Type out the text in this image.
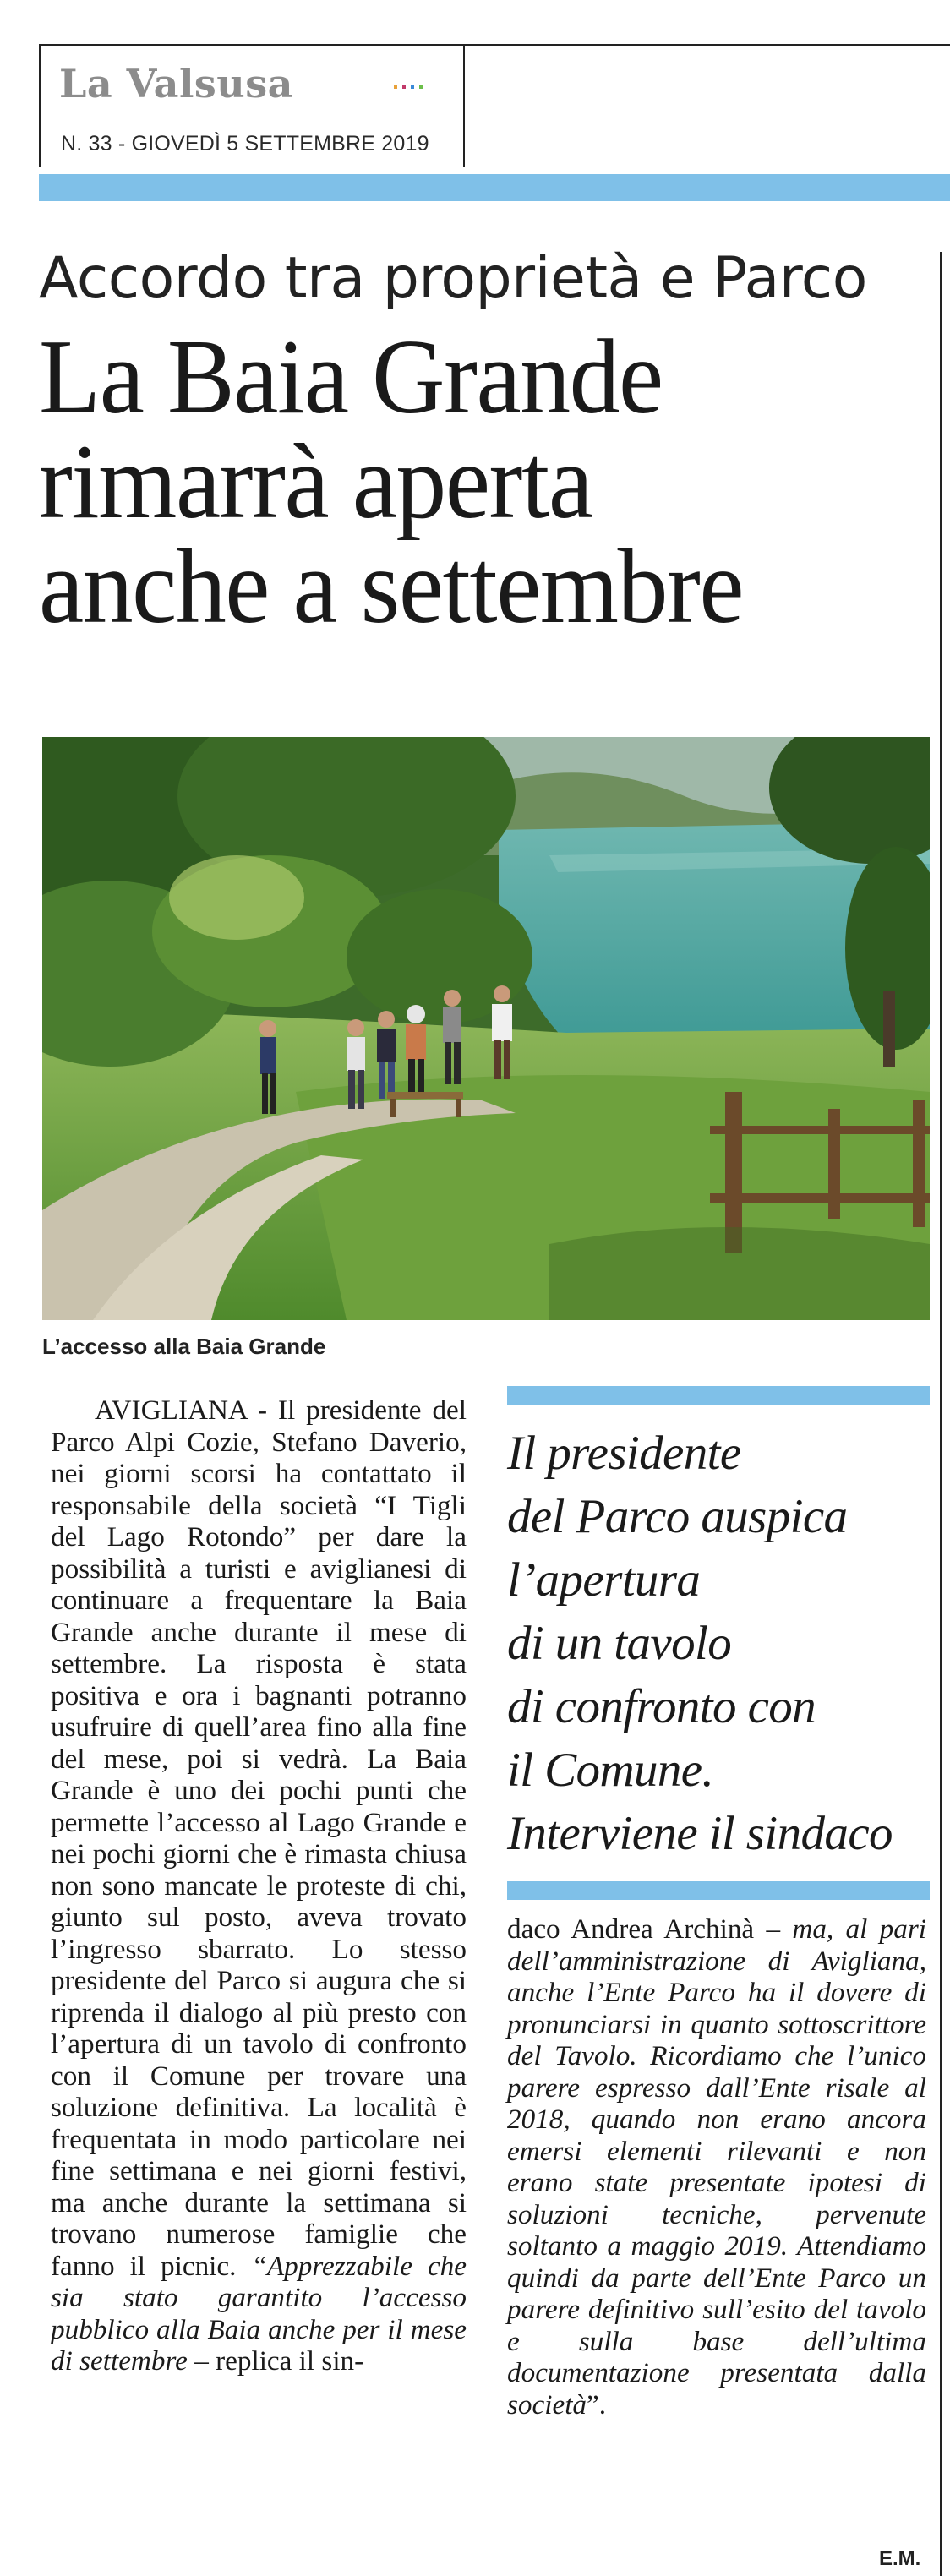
La Valsusa
N. 33 - GIOVEDÌ 5 SETTEMBRE 2019
Accordo tra proprietà e Parco
La Baia Grande
rimarrà aperta
anche a settembre
L’accesso alla Baia Grande

AVIGLIANA - Il presidente del Parco Alpi Cozie, Stefano Daverio, nei giorni scorsi ha contattato il responsabile della società “I Tigli del Lago Rotondo” per dare la possibilità a turisti e aviglianesi di continuare a frequentare la Baia Grande anche durante il mese di settembre. La risposta è stata positiva e ora i bagnanti potranno usufruire di quell’area fino alla fine del mese, poi si vedrà. La Baia Grande è uno dei pochi punti che permette l’accesso al Lago Grande e nei pochi giorni che è rimasta chiusa non sono mancate le proteste di chi, giunto sul posto, aveva trovato l’ingresso sbarrato. Lo stesso presidente del Parco si augura che si riprenda il dialogo al più presto con l’apertura di un tavolo di confronto con il Comune per trovare una soluzione definitiva. La località è frequentata in modo particolare nei fine settimana e nei giorni festivi, ma anche durante la settimana si trovano numerose famiglie che fanno il picnic. “Apprezzabile che sia stato garantito l’accesso pubblico alla Baia anche per il mese di settembre – replica il sin-

Il presidente
del Parco auspica
l’apertura
di un tavolo
di confronto con
il Comune.
Interviene il sindaco

daco Andrea Archinà – ma, al pari dell’amministrazione di Avigliana, anche l’Ente Parco ha il dovere di pronunciarsi in quanto sottoscrittore del Tavolo. Ricordiamo che l’unico parere espresso dall’Ente risale al 2018, quando non erano ancora emersi elementi rilevanti e non erano state presentate ipotesi di soluzioni tecniche, pervenute soltanto a maggio 2019. Attendiamo quindi da parte dell’Ente Parco un parere definitivo sull’esito del tavolo e sulla base dell’ultima documentazione presentata dalla società”.

E.M.
